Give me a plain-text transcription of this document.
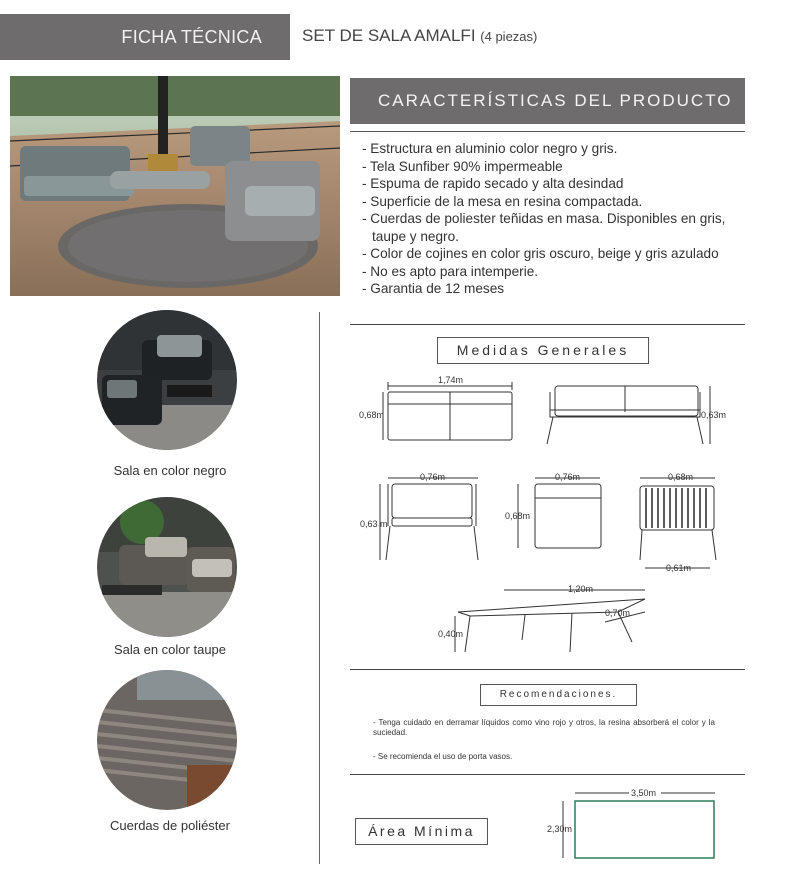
FICHA TÉCNICA	SET DE SALA AMALFI (4 piezas)
CARACTERÍSTICAS DEL PRODUCTO
- Estructura en aluminio color negro y gris.
- Tela Sunfiber 90% impermeable
- Espuma de rapido secado y alta desindad
- Superficie de la mesa en resina compactada.
- Cuerdas de poliester teñidas en masa. Disponibles en gris, taupe y negro.
- Color de cojines en color gris oscuro, beige y gris azulado
- No es apto para intemperie.
- Garantia de 12 meses
Sala en color negro
Sala en color taupe
Cuerdas de poliéster
Medidas Generales
1,74m
0,68m	0,63m
0,76m
0,63 m
0,76m
0,68m
0,68m
0,61m
1,20m
0,70m
0,40m
Recomendaciones.
- Tenga cuidado en derramar líquidos como vino rojo y otros, la resina absorberá el color y la suciedad.
- Se recomienda el uso de porta vasos.
Área Mínima
3,50m
2,30m
